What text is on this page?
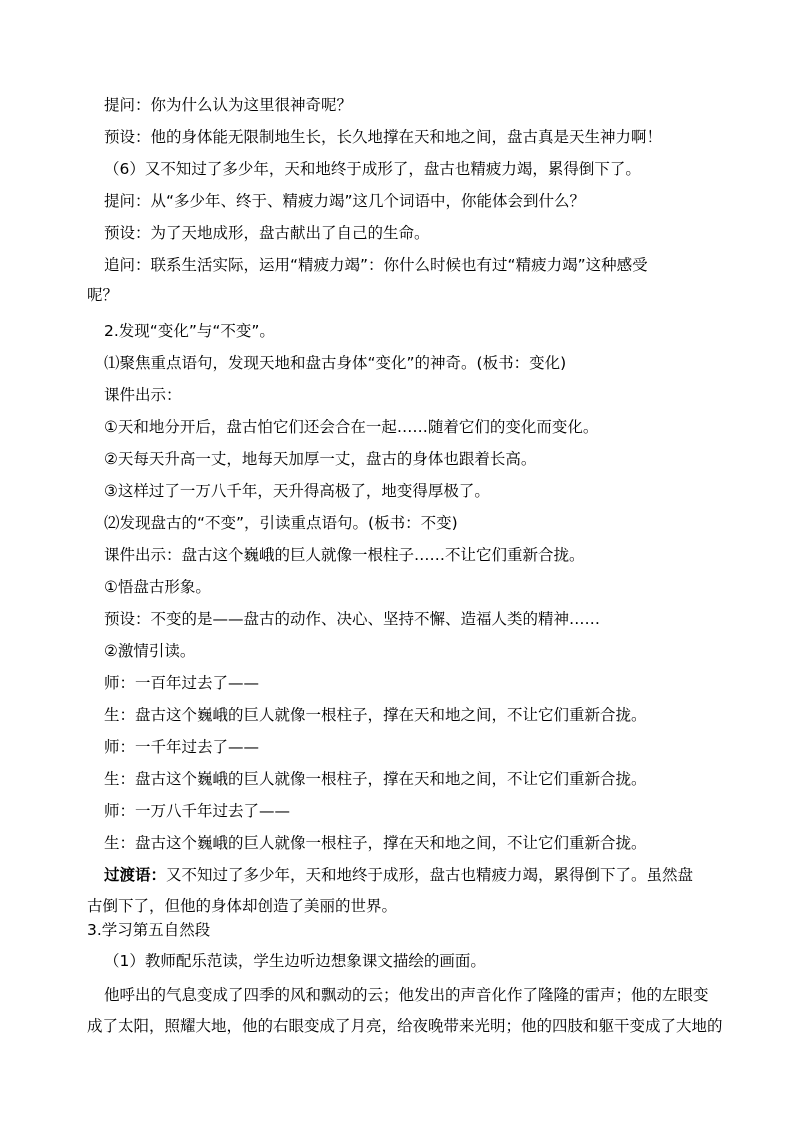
提问：你为什么认为这里很神奇呢？
预设：他的身体能无限制地生长，长久地撑在天和地之间，盘古真是天生神力啊！
（6）又不知过了多少年，天和地终于成形了，盘古也精疲力竭，累得倒下了。
提问：从“多少年、终于、精疲力竭”这几个词语中，你能体会到什么？
预设：为了天地成形，盘古献出了自己的生命。
追问：联系生活实际，运用“精疲力竭”：你什么时候也有过“精疲力竭”这种感受
呢？
2.发现“变化”与“不变”。
⑴聚焦重点语句，发现天地和盘古身体“变化”的神奇。(板书：变化)
课件出示：
①天和地分开后，盘古怕它们还会合在一起……随着它们的变化而变化。
②天每天升高一丈，地每天加厚一丈，盘古的身体也跟着长高。
③这样过了一万八千年，天升得高极了，地变得厚极了。
⑵发现盘古的“不变”，引读重点语句。(板书：不变)
课件出示：盘古这个巍峨的巨人就像一根柱子……不让它们重新合拢。
①悟盘古形象。
预设：不变的是——盘古的动作、决心、坚持不懈、造福人类的精神……
②激情引读。
师：一百年过去了——
生：盘古这个巍峨的巨人就像一根柱子，撑在天和地之间，不让它们重新合拢。
师：一千年过去了——
生：盘古这个巍峨的巨人就像一根柱子，撑在天和地之间，不让它们重新合拢。
师：一万八千年过去了——
生：盘古这个巍峨的巨人就像一根柱子，撑在天和地之间，不让它们重新合拢。
过渡语：又不知过了多少年，天和地终于成形，盘古也精疲力竭，累得倒下了。虽然盘
古倒下了，但他的身体却创造了美丽的世界。
3.学习第五自然段
（1）教师配乐范读，学生边听边想象课文描绘的画面。
他呼出的气息变成了四季的风和飘动的云；他发出的声音化作了隆隆的雷声；他的左眼变
成了太阳，照耀大地，他的右眼变成了月亮，给夜晚带来光明；他的四肢和躯干变成了大地的
